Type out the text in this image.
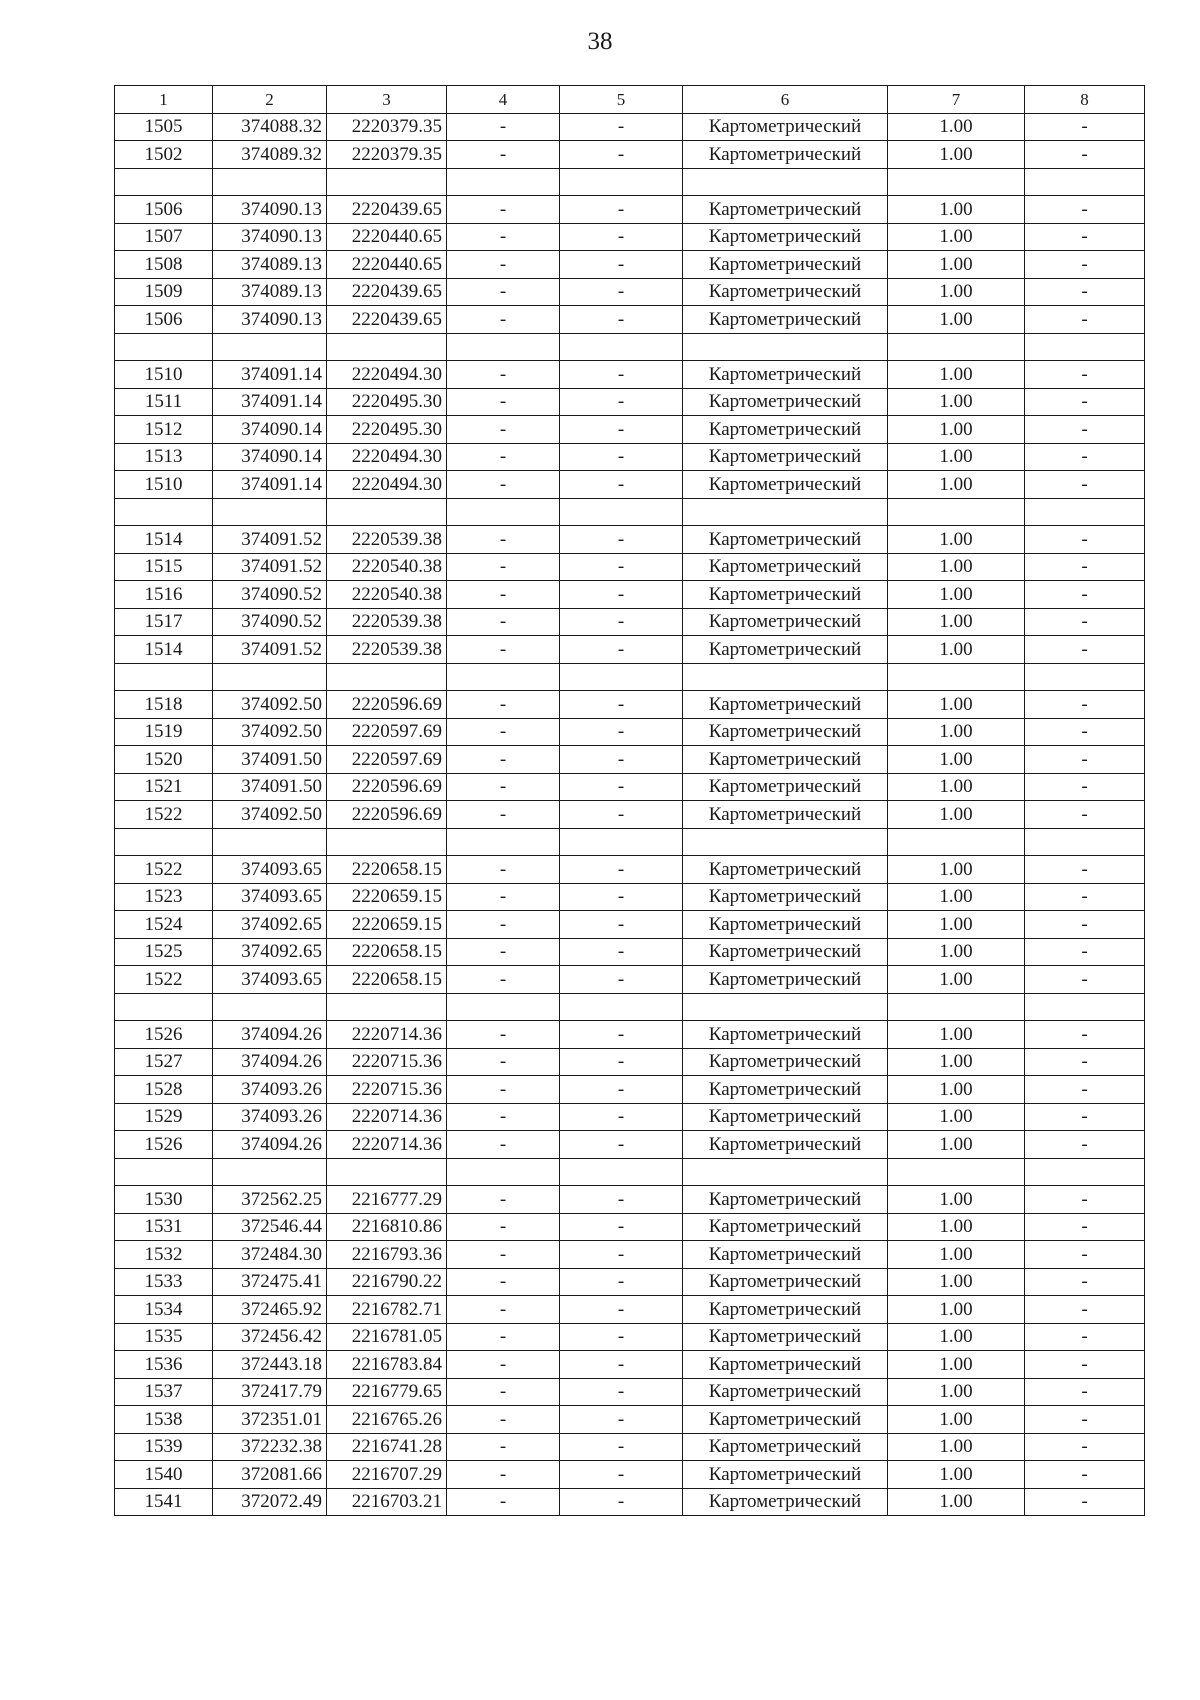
38
1	2	3	4	5	6	7	8
1505	374088.32	2220379.35	-	-	Картометрический	1.00	-
1502	374089.32	2220379.35	-	-	Картометрический	1.00	-

1506	374090.13	2220439.65	-	-	Картометрический	1.00	-
1507	374090.13	2220440.65	-	-	Картометрический	1.00	-
1508	374089.13	2220440.65	-	-	Картометрический	1.00	-
1509	374089.13	2220439.65	-	-	Картометрический	1.00	-
1506	374090.13	2220439.65	-	-	Картометрический	1.00	-

1510	374091.14	2220494.30	-	-	Картометрический	1.00	-
1511	374091.14	2220495.30	-	-	Картометрический	1.00	-
1512	374090.14	2220495.30	-	-	Картометрический	1.00	-
1513	374090.14	2220494.30	-	-	Картометрический	1.00	-
1510	374091.14	2220494.30	-	-	Картометрический	1.00	-

1514	374091.52	2220539.38	-	-	Картометрический	1.00	-
1515	374091.52	2220540.38	-	-	Картометрический	1.00	-
1516	374090.52	2220540.38	-	-	Картометрический	1.00	-
1517	374090.52	2220539.38	-	-	Картометрический	1.00	-
1514	374091.52	2220539.38	-	-	Картометрический	1.00	-

1518	374092.50	2220596.69	-	-	Картометрический	1.00	-
1519	374092.50	2220597.69	-	-	Картометрический	1.00	-
1520	374091.50	2220597.69	-	-	Картометрический	1.00	-
1521	374091.50	2220596.69	-	-	Картометрический	1.00	-
1522	374092.50	2220596.69	-	-	Картометрический	1.00	-

1522	374093.65	2220658.15	-	-	Картометрический	1.00	-
1523	374093.65	2220659.15	-	-	Картометрический	1.00	-
1524	374092.65	2220659.15	-	-	Картометрический	1.00	-
1525	374092.65	2220658.15	-	-	Картометрический	1.00	-
1522	374093.65	2220658.15	-	-	Картометрический	1.00	-

1526	374094.26	2220714.36	-	-	Картометрический	1.00	-
1527	374094.26	2220715.36	-	-	Картометрический	1.00	-
1528	374093.26	2220715.36	-	-	Картометрический	1.00	-
1529	374093.26	2220714.36	-	-	Картометрический	1.00	-
1526	374094.26	2220714.36	-	-	Картометрический	1.00	-

1530	372562.25	2216777.29	-	-	Картометрический	1.00	-
1531	372546.44	2216810.86	-	-	Картометрический	1.00	-
1532	372484.30	2216793.36	-	-	Картометрический	1.00	-
1533	372475.41	2216790.22	-	-	Картометрический	1.00	-
1534	372465.92	2216782.71	-	-	Картометрический	1.00	-
1535	372456.42	2216781.05	-	-	Картометрический	1.00	-
1536	372443.18	2216783.84	-	-	Картометрический	1.00	-
1537	372417.79	2216779.65	-	-	Картометрический	1.00	-
1538	372351.01	2216765.26	-	-	Картометрический	1.00	-
1539	372232.38	2216741.28	-	-	Картометрический	1.00	-
1540	372081.66	2216707.29	-	-	Картометрический	1.00	-
1541	372072.49	2216703.21	-	-	Картометрический	1.00	-
